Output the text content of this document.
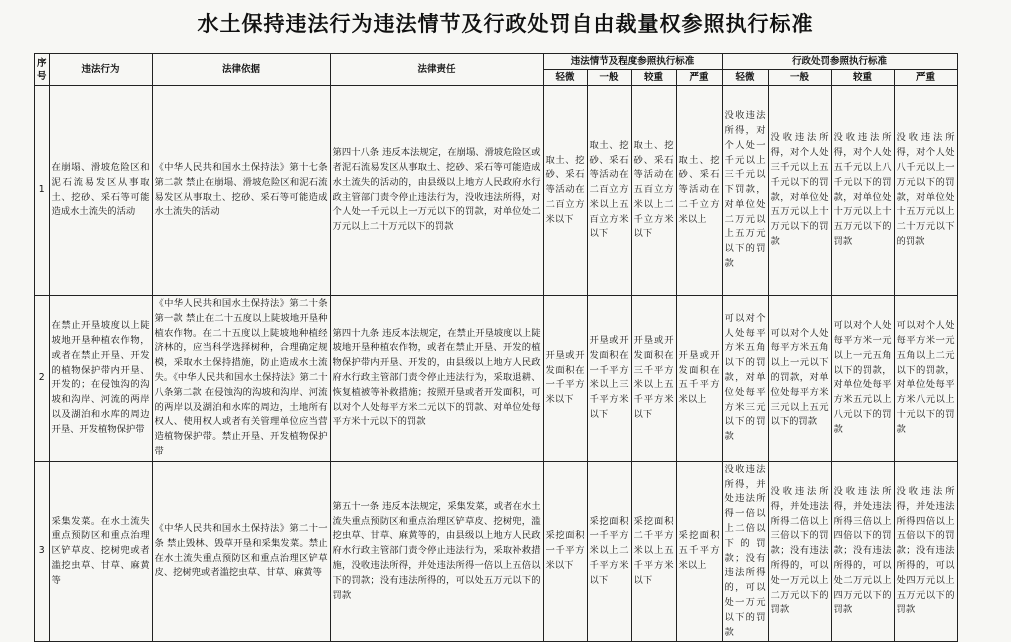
水土保持违法行为违法情节及行政处罚自由裁量权参照执行标准
序号	违法行为	法律依据	法律责任	违法情节及程度参照执行标准				行政处罚参照执行标准			
				轻微	一般	较重	严重	轻微	一般	较重	严重
1	在崩塌、滑坡危险区和泥石流易发区从事取土、挖砂、采石等可能造成水土流失的活动	《中华人民共和国水土保持法》第十七条第二款 禁止在崩塌、滑坡危险区和泥石流易发区从事取土、挖砂、采石等可能造成水土流失的活动	第四十八条 违反本法规定，在崩塌、滑坡危险区或者泥石流易发区从事取土、挖砂、采石等可能造成水土流失的活动的，由县级以上地方人民政府水行政主管部门责令停止违法行为，没收违法所得，对个人处一千元以上一万元以下的罚款，对单位处二万元以上二十万元以下的罚款	取土、挖砂、采石等活动在二百立方米以下	取土、挖砂、采石等活动在二百立方米以上五百立方米以下	取土、挖砂、采石等活动在五百立方米以上二千立方米以下	取土、挖砂、采石等活动在二千立方米以上	没收违法所得，对个人处一千元以上三千元以下罚款，对单位处二万元以上五万元以下的罚款	没收违法所得，对个人处三千元以上五千元以下的罚款，对单位处五万元以上十万元以下的罚款	没收违法所得，对个人处五千元以上八千元以下的罚款，对单位处十万元以上十五万元以下的罚款	没收违法所得，对个人处八千元以上一万元以下的罚款，对单位处十五万元以上二十万元以下的罚款
2	在禁止开垦坡度以上陡坡地开垦种植农作物，或者在禁止开垦、开发的植物保护带内开垦、开发的；在侵蚀沟的沟坡和沟岸、河流的两岸以及湖泊和水库的周边开垦、开发植物保护带	《中华人民共和国水土保持法》第二十条第一款 禁止在二十五度以上陡坡地开垦种植农作物。在二十五度以上陡坡地种植经济林的，应当科学选择树种，合理确定规模，采取水土保持措施，防止造成水土流失。《中华人民共和国水土保持法》第二十八条第二款 在侵蚀沟的沟坡和沟岸、河流的两岸以及湖泊和水库的周边，土地所有权人、使用权人或者有关管理单位应当营造植物保护带。禁止开垦、开发植物保护带	第四十九条 违反本法规定，在禁止开垦坡度以上陡坡地开垦种植农作物，或者在禁止开垦、开发的植物保护带内开垦、开发的，由县级以上地方人民政府水行政主管部门责令停止违法行为，采取退耕、恢复植被等补救措施；按照开垦或者开发面积，可以对个人处每平方米二元以下的罚款、对单位处每平方米十元以下的罚款	开垦或开发面积在一千平方米以下	开垦或开发面积在一千平方米以上三千平方米以下	开垦或开发面积在三千平方米以上五千平方米以下	开垦或开发面积在五千平方米以上	可以对个人处每平方米五角以下的罚款，对单位处每平方米三元以下的罚款	可以对个人处每平方米五角以上一元以下的罚款，对单位处每平方米三元以上五元以下的罚款	可以对个人处每平方米一元以上一元五角以下的罚款，对单位处每平方米五元以上八元以下的罚款	可以对个人处每平方米一元五角以上二元以下的罚款，对单位处每平方米八元以上十元以下的罚款
3	采集发菜。在水土流失重点预防区和重点治理区铲草皮、挖树兜或者滥挖虫草、甘草、麻黄等	《中华人民共和国水土保持法》第二十一条 禁止毁林、毁草开垦和采集发菜。禁止在水土流失重点预防区和重点治理区铲草皮、挖树兜或者滥挖虫草、甘草、麻黄等	第五十一条 违反本法规定，采集发菜，或者在水土流失重点预防区和重点治理区铲草皮、挖树兜，滥挖虫草、甘草、麻黄等的，由县级以上地方人民政府水行政主管部门责令停止违法行为，采取补救措施，没收违法所得，并处违法所得一倍以上五倍以下的罚款；没有违法所得的，可以处五万元以下的罚款	采挖面积一千平方米以下	采挖面积一千平方米以上二千平方米以下	采挖面积二千平方米以上五千平方米以下	采挖面积五千平方米以上	没收违法所得，并处违法所得一倍以上二倍以下的罚款；没有违法所得的，可以处一万元以下的罚款	没收违法所得，并处违法所得二倍以上三倍以下的罚款；没有违法所得的，可以处一万元以上二万元以下的罚款	没收违法所得，并处违法所得三倍以上四倍以下的罚款；没有违法所得的，可以处二万元以上四万元以下的罚款	没收违法所得，并处违法所得四倍以上五倍以下的罚款；没有违法所得的，可以处四万元以上五万元以下的罚款
